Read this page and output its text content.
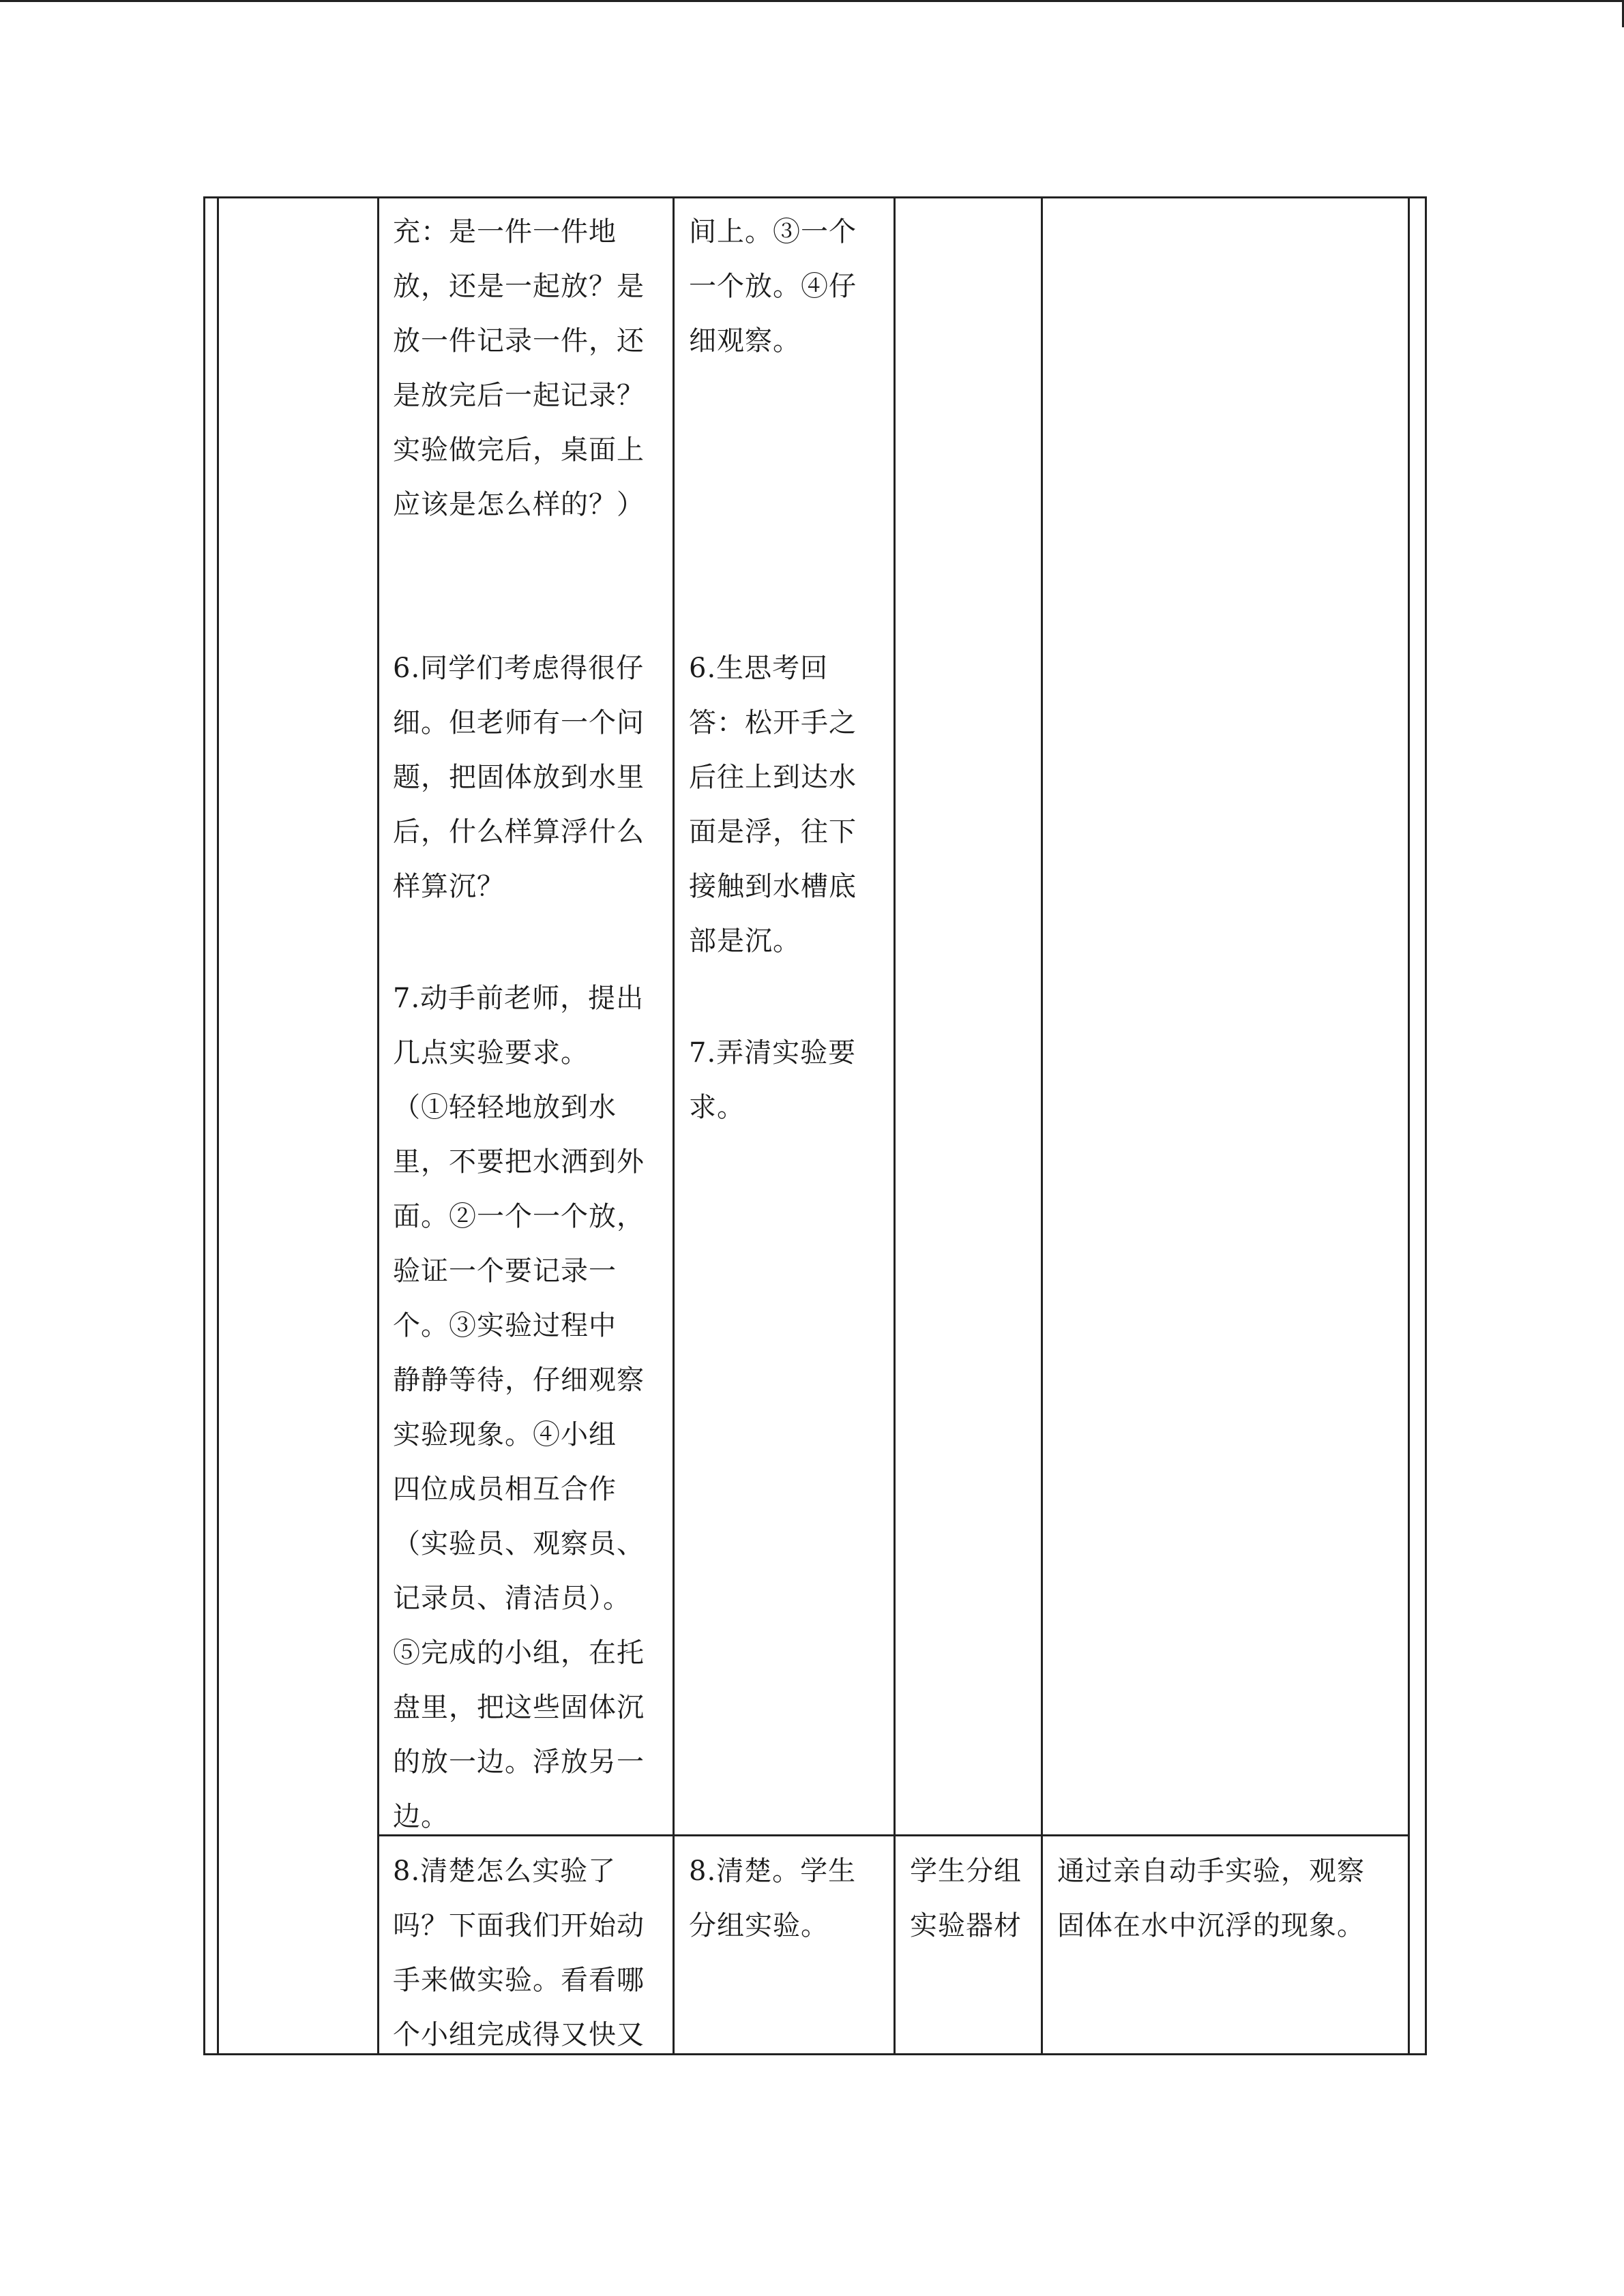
充：是一件一件地
放，还是一起放？是
放一件记录一件，还
是放完后一起记录？
实验做完后，桌面上
应该是怎么样的？）
间上。③一个
一个放。④仔
细观察。
6.同学们考虑得很仔
细。但老师有一个问
题，把固体放到水里
后，什么样算浮什么
样算沉？
6.生思考回
答：松开手之
后往上到达水
面是浮，往下
接触到水槽底
部是沉。
7.动手前老师，提出
几点实验要求。
（①轻轻地放到水
里，不要把水洒到外
面。②一个一个放，
验证一个要记录一
个。③实验过程中
静静等待，仔细观察
实验现象。④小组
四位成员相互合作
（实验员、观察员、
记录员、清洁员）。
⑤完成的小组，在托
盘里，把这些固体沉
的放一边。浮放另一
边。
7.弄清实验要
求。
8.清楚怎么实验了
吗？下面我们开始动
手来做实验。看看哪
个小组完成得又快又
8.清楚。学生
分组实验。
学生分组
实验器材
通过亲自动手实验，观察
固体在水中沉浮的现象。
